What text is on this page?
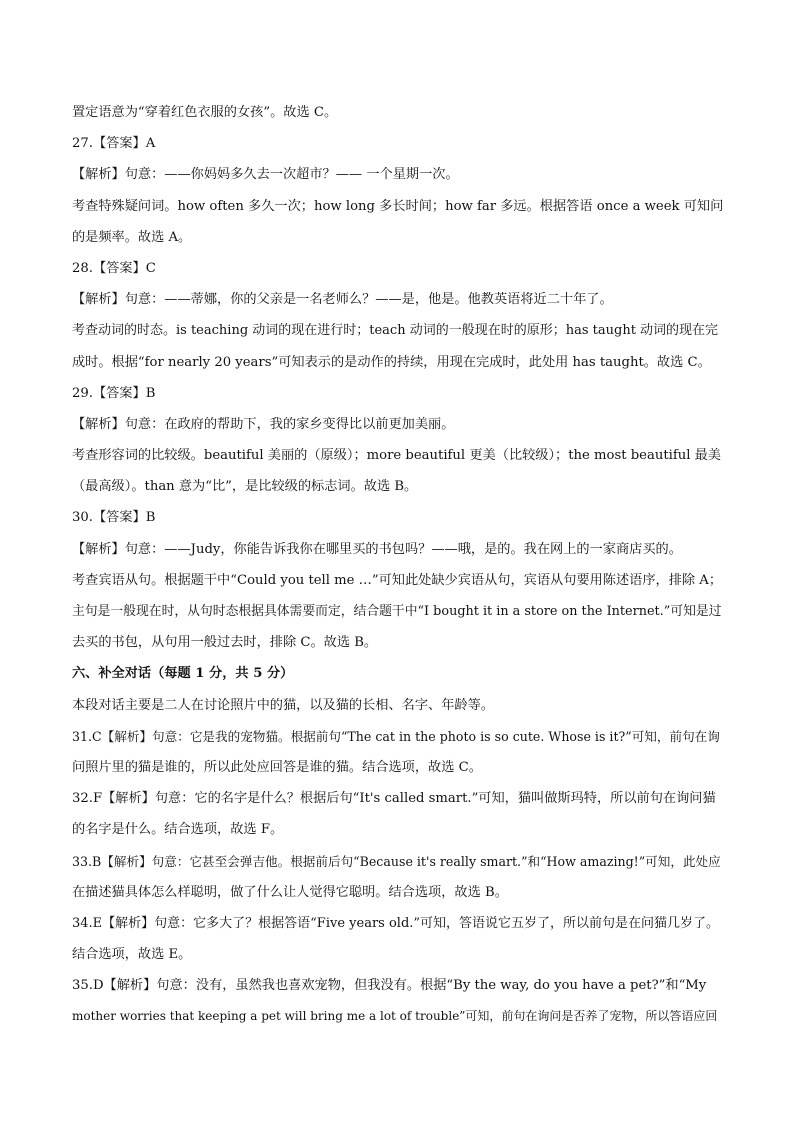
置定语意为“穿着红色衣服的女孩”。故选 C。
27.【答案】A
【解析】句意：——你妈妈多久去一次超市？—— 一个星期一次。
考查特殊疑问词。how often 多久一次；how long 多长时间；how far 多远。根据答语 once a week 可知问
的是频率。故选 A。
28.【答案】C
【解析】句意：——蒂娜，你的父亲是一名老师么？——是，他是。他教英语将近二十年了。
考查动词的时态。is teaching 动词的现在进行时；teach 动词的一般现在时的原形；has taught 动词的现在完
成时。根据“for nearly 20 years”可知表示的是动作的持续，用现在完成时，此处用 has taught。故选 C。
29.【答案】B
【解析】句意：在政府的帮助下，我的家乡变得比以前更加美丽。
考查形容词的比较级。beautiful 美丽的（原级）；more beautiful 更美（比较级）；the most beautiful 最美
（最高级）。than 意为“比”，是比较级的标志词。故选 B。
30.【答案】B
【解析】句意：——Judy，你能告诉我你在哪里买的书包吗？——哦，是的。我在网上的一家商店买的。
考查宾语从句。根据题干中“Could you tell me …”可知此处缺少宾语从句，宾语从句要用陈述语序，排除 A；
主句是一般现在时，从句时态根据具体需要而定，结合题干中“I bought it in a store on the Internet.”可知是过
去买的书包，从句用一般过去时，排除 C。故选 B。
六、补全对话（每题 1 分，共 5 分）
本段对话主要是二人在讨论照片中的猫，以及猫的长相、名字、年龄等。
31.C【解析】句意：它是我的宠物猫。根据前句“The cat in the photo is so cute. Whose is it?”可知，前句在询
问照片里的猫是谁的，所以此处应回答是谁的猫。结合选项，故选 C。
32.F【解析】句意：它的名字是什么？根据后句“It's called smart.”可知，猫叫做斯玛特，所以前句在询问猫
的名字是什么。结合选项，故选 F。
33.B【解析】句意：它甚至会弹吉他。根据前后句“Because it's really smart.”和“How amazing!”可知，此处应
在描述猫具体怎么样聪明，做了什么让人觉得它聪明。结合选项，故选 B。
34.E【解析】句意：它多大了？根据答语“Five years old.”可知，答语说它五岁了，所以前句是在问猫几岁了。
结合选项，故选 E。
35.D【解析】句意：没有，虽然我也喜欢宠物，但我没有。根据“By the way, do you have a pet?”和“My
mother worries that keeping a pet will bring me a lot of trouble”可知，前句在询问是否养了宠物，所以答语应回
